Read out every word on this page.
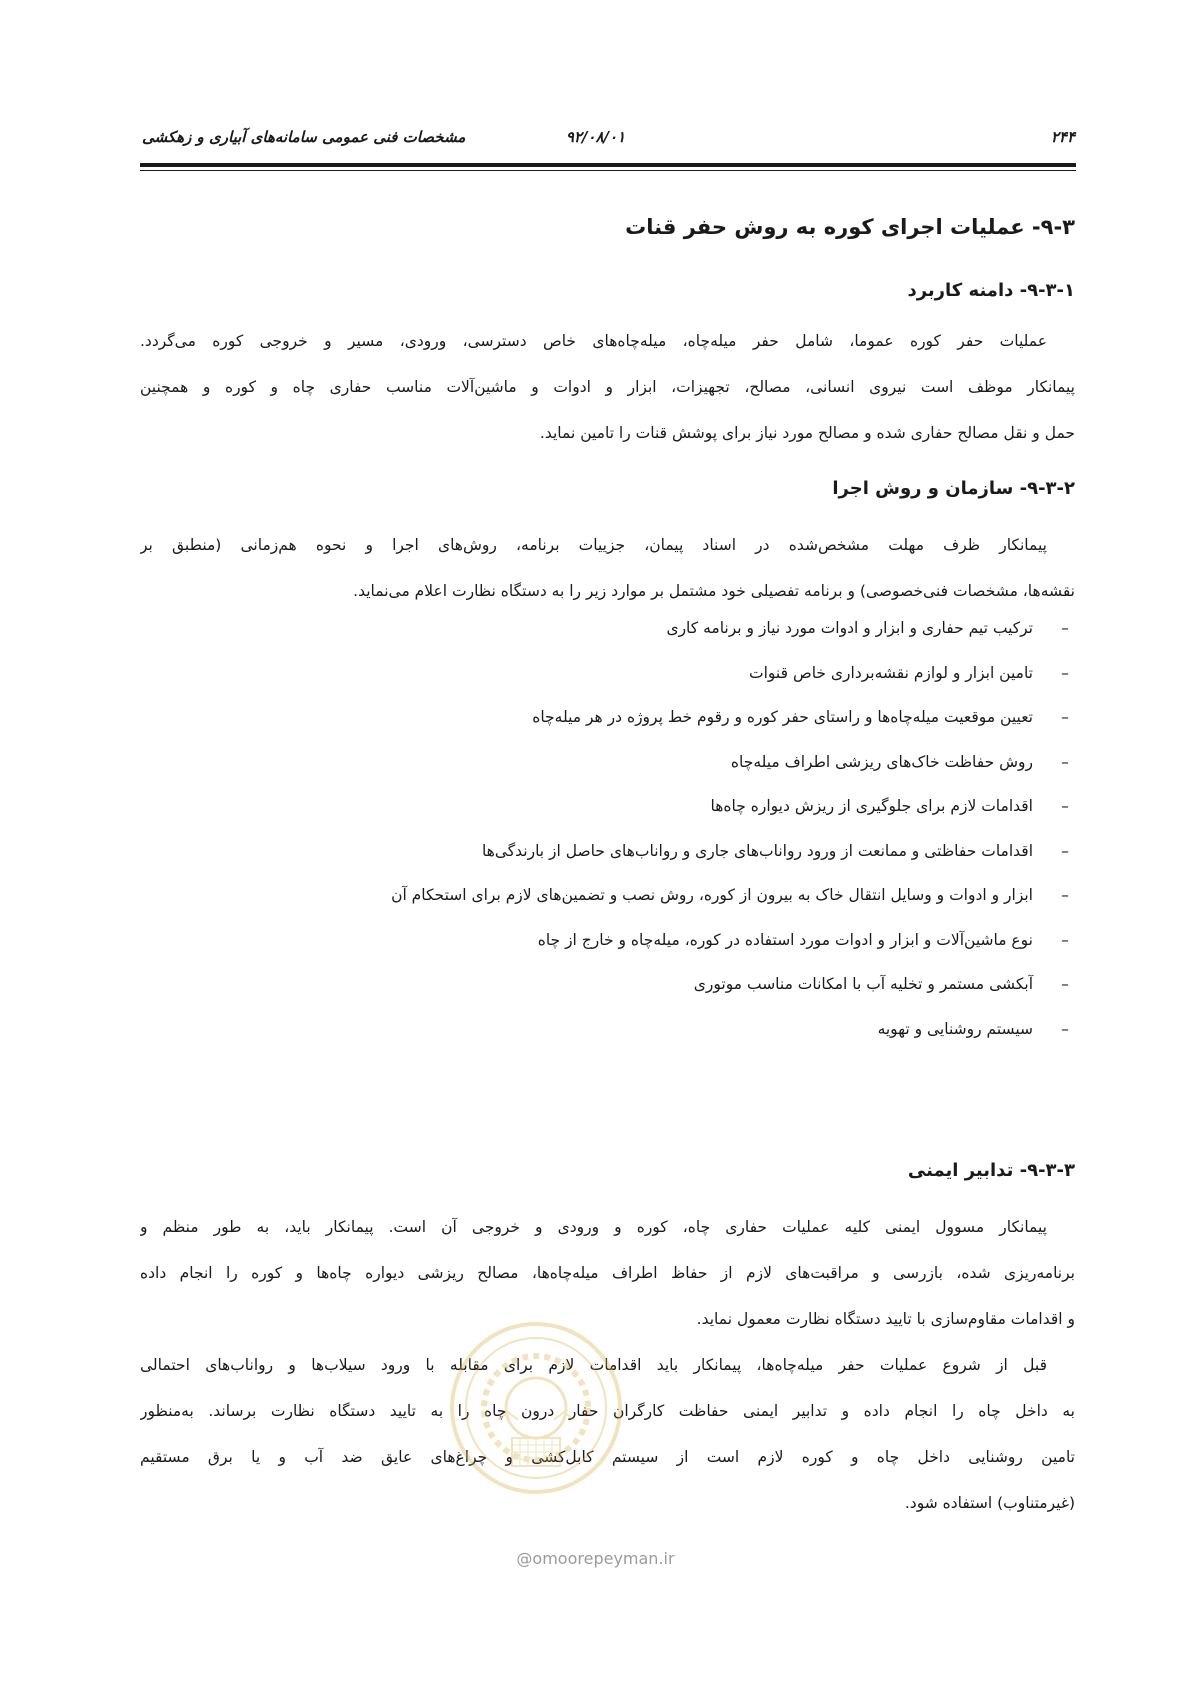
۲۴۴
۹۲/۰۸/۰۱
مشخصات فنی عمومی سامانه‌های آبیاری و زهکشی
۹-۳- عملیات اجرای کوره به روش حفر قنات
۹-۳-۱- دامنه کاربرد
عملیات حفر کوره عموما، شامل حفر میله‌چاه، میله‌چاه‌های خاص دسترسی، ورودی، مسیر و خروجی کوره می‌گردد.
پیمانکار موظف است نیروی انسانی، مصالح، تجهیزات، ابزار و ادوات و ماشین‌آلات مناسب حفاری چاه و کوره و همچنین
حمل و نقل مصالح حفاری شده و مصالح مورد نیاز برای پوشش قنات را تامین نماید.
۹-۳-۲- سازمان و روش اجرا
پیمانکار ظرف مهلت مشخص‌شده در اسناد پیمان، جزییات برنامه، روش‌های اجرا و نحوه هم‌زمانی (منطبق بر
نقشه‌ها، مشخصات فنی‌خصوصی) و برنامه تفصیلی خود مشتمل بر موارد زیر را به دستگاه نظارت اعلام می‌نماید.
–
ترکیب تیم حفاری و ابزار و ادوات مورد نیاز و برنامه کاری
–
تامین ابزار و لوازم نقشه‌برداری خاص قنوات
–
تعیین موقعیت میله‌چاه‌ها و راستای حفر کوره و رقوم خط پروژه در هر میله‌چاه
–
روش حفاظت خاک‌های ریزشی اطراف میله‌چاه
–
اقدامات لازم برای جلوگیری از ریزش دیواره چاه‌ها
–
اقدامات حفاظتی و ممانعت از ورود رواناب‌های جاری و رواناب‌های حاصل از بارندگی‌ها
–
ابزار و ادوات و وسایل انتقال خاک به بیرون از کوره، روش نصب و تضمین‌های لازم برای استحکام آن
–
نوع ماشین‌آلات و ابزار و ادوات مورد استفاده در کوره، میله‌چاه و خارج از چاه
–
آبکشی مستمر و تخلیه آب با امکانات مناسب موتوری
–
سیستم روشنایی و تهویه
۹-۳-۳- تدابیر ایمنی
پیمانکار مسوول ایمنی کلیه عملیات حفاری چاه، کوره و ورودی و خروجی آن است. پیمانکار باید، به طور منظم و
برنامه‌ریزی شده، بازرسی و مراقبت‌های لازم از حفاظ اطراف میله‌چاه‌ها، مصالح ریزشی دیواره چاه‌ها و کوره را انجام داده
و اقدامات مقاوم‌سازی با تایید دستگاه نظارت معمول نماید.
قبل از شروع عملیات حفر میله‌چاه‌ها، پیمانکار باید اقدامات لازم برای مقابله با ورود سیلاب‌ها و رواناب‌های احتمالی
به داخل چاه را انجام داده و تدابیر ایمنی حفاظت کارگران حفار درون چاه را به تایید دستگاه نظارت برساند. به‌منظور
تامین روشنایی داخل چاه و کوره لازم است از سیستم کابل‌کشی و چراغ‌های عایق ضد آب و یا برق مستقیم
(غیرمتناوب) استفاده شود.
@omoorepeyman.ir
